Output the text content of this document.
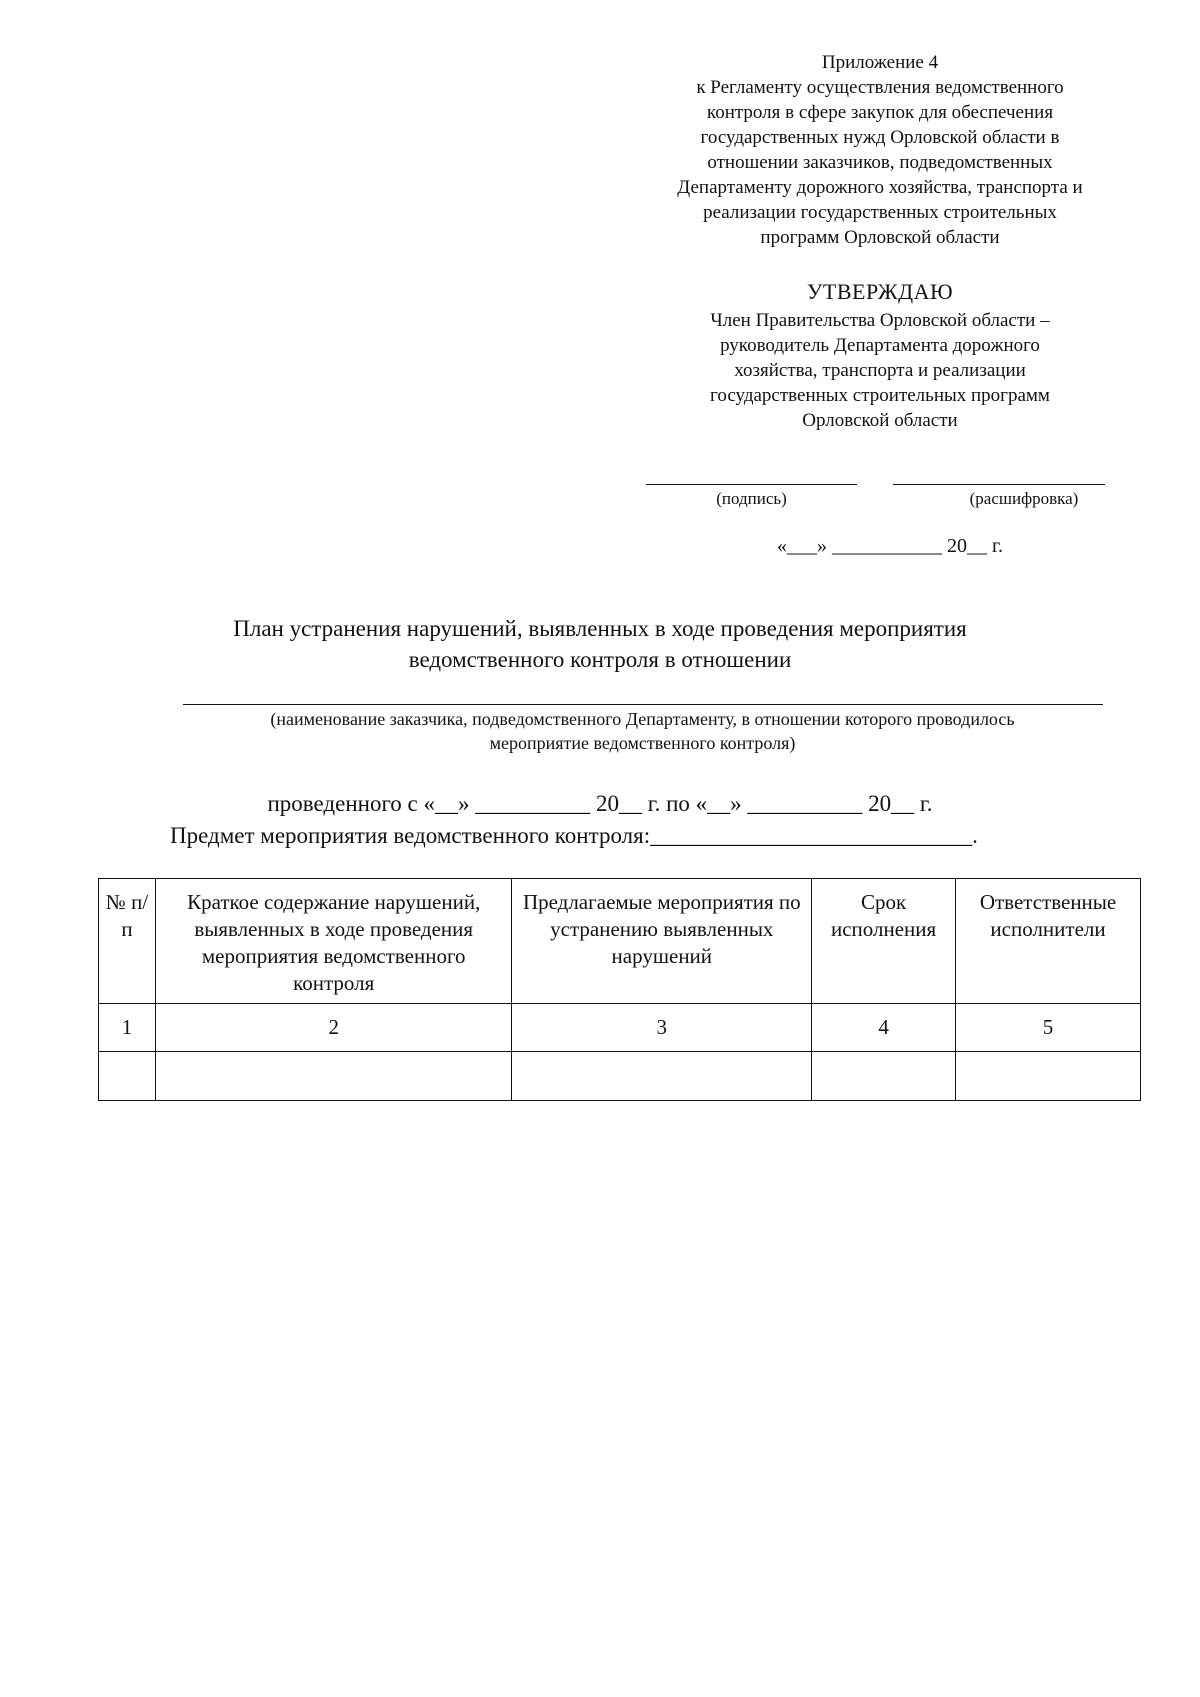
Приложение 4
к Регламенту осуществления ведомственного
контроля в сфере закупок для обеспечения
государственных нужд Орловской области в
отношении заказчиков, подведомственных
Департаменту дорожного хозяйства, транспорта и
реализации государственных строительных
программ Орловской области
УТВЕРЖДАЮ
Член Правительства Орловской области –
руководитель Департамента дорожного
хозяйства, транспорта и реализации
государственных строительных программ
Орловской области
(подпись)	(расшифровка)
«___» ___________ 20__ г.
План устранения нарушений, выявленных в ходе проведения мероприятия
ведомственного контроля в отношении
(наименование заказчика, подведомственного Департаменту, в отношении которого проводилось
мероприятие ведомственного контроля)
проведенного с «__» __________ 20__ г. по «__» __________ 20__ г.
Предмет мероприятия ведомственного контроля:____________________________.
№ п/п	Краткое содержание нарушений, выявленных в ходе проведения мероприятия ведомственного контроля	Предлагаемые мероприятия по устранению выявленных нарушений	Срок исполнения	Ответственные исполнители
1	2	3	4	5
